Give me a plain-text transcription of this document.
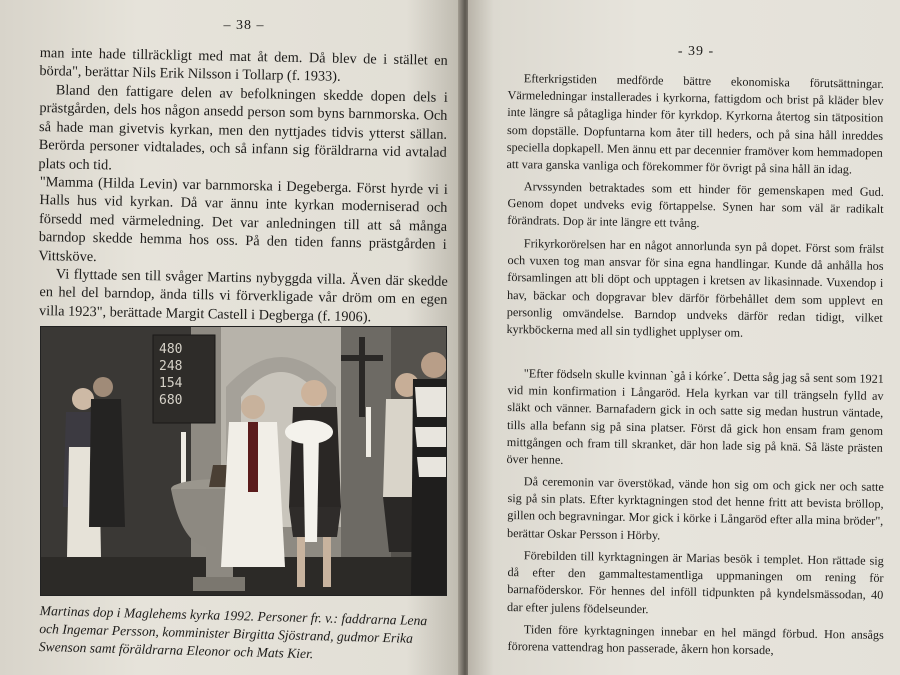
– 38 –

man inte hade tillräckligt med mat åt dem. Då blev de i stället en börda", berättar Nils Erik Nilsson i Tollarp (f. 1933).

Bland den fattigare delen av befolkningen skedde dopen dels i prästgården, dels hos någon ansedd person som byns barnmorska. Och så hade man givetvis kyrkan, men den nyttjades tidvis ytterst sällan. Berörda personer vidtalades, och så infann sig föräldrarna vid avtalad plats och tid.

"Mamma (Hilda Levin) var barnmorska i Degeberga. Först hyrde vi i Halls hus vid kyrkan. Då var ännu inte kyrkan moderniserad och försedd med värmeledning. Det var anledningen till att så många barndop skedde hemma hos oss. På den tiden fanns prästgården i Vittsköve.

Vi flyttade sen till svåger Martins nybyggda villa. Även där skedde en hel del barndop, ända tills vi förverkligade vår dröm om en egen villa 1923", berättade Margit Castell i Degberga (f. 1906).

480
248
154
680
Martinas dop i Maglehems kyrka 1992. Personer fr. v.: faddrarna Lena och Ingemar Persson, komminister Birgitta Sjöstrand, gudmor Erika Swenson samt föräldrarna Eleonor och Mats Kier.
- 39 -

Efterkrigstiden medförde bättre ekonomiska förutsättningar. Värmeledningar installerades i kyrkorna, fattigdom och brist på kläder blev inte längre så påtagliga hinder för kyrkdop. Kyrkorna återtog sin tätposition som dopställe. Dopfuntarna kom åter till heders, och på sina håll inreddes speciella dopkapell. Men ännu ett par decennier framöver kom hemmadopen att vara ganska vanliga och förekommer för övrigt på sina håll än idag.

Arvssynden betraktades som ett hinder för gemenskapen med Gud. Genom dopet undveks evig förtappelse. Synen har som väl är radikalt förändrats. Dop är inte längre ett tvång.

Frikyrkorörelsen har en något annorlunda syn på dopet. Först som frälst och vuxen tog man ansvar för sina egna handlingar. Kunde då anhålla hos församlingen att bli döpt och upptagen i kretsen av likasinnade. Vuxendop i hav, bäckar och dopgravar blev därför förbehållet dem som upplevt en personlig omvändelse. Barndop undveks därför redan tidigt, vilket kyrkböckerna med all sin tydlighet upplyser om.

"Efter födseln skulle kvinnan `gå i kórke´. Detta såg jag så sent som 1921 vid min konfirmation i Långaröd. Hela kyrkan var till trängseln fylld av släkt och vänner. Barnafadern gick in och satte sig medan hustrun väntade, tills alla befann sig på sina platser. Först då gick hon ensam fram genom mittgången och fram till skranket, där hon lade sig på knä. Så läste prästen över henne.

Då ceremonin var överstökad, vände hon sig om och gick ner och satte sig på sin plats. Efter kyrktagningen stod det henne fritt att bevista bröllop, gillen och begravningar. Mor gick i körke i Långaröd efter alla mina bröder", berättar Oskar Persson i Hörby.

Förebilden till kyrktagningen är Marias besök i templet. Hon rättade sig då efter den gammaltestamentliga uppmaningen om rening för barnaföderskor. För hennes del inföll tidpunkten på kyndelsmässodan, 40 dar efter julens födelseunder.

Tiden före kyrktagningen innebar en hel mängd förbud. Hon ansågs förorena vattendrag hon passerade, åkern hon korsade,
